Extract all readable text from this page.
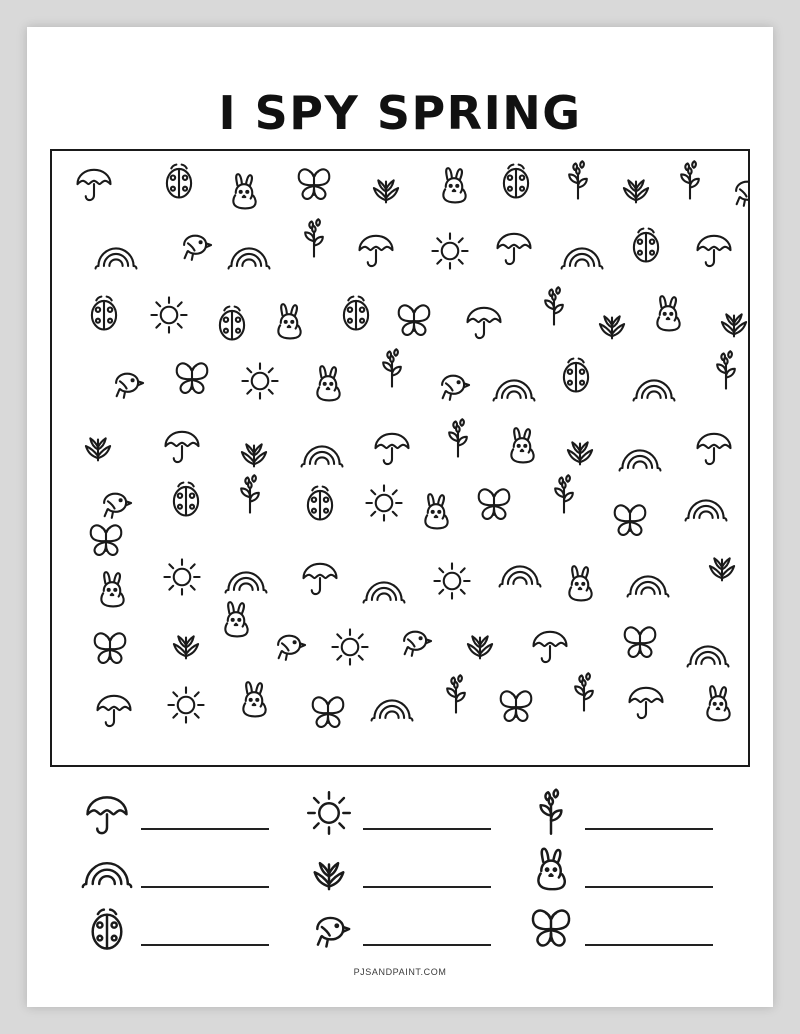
I SPY SPRING
PJSANDPAINT.COM
